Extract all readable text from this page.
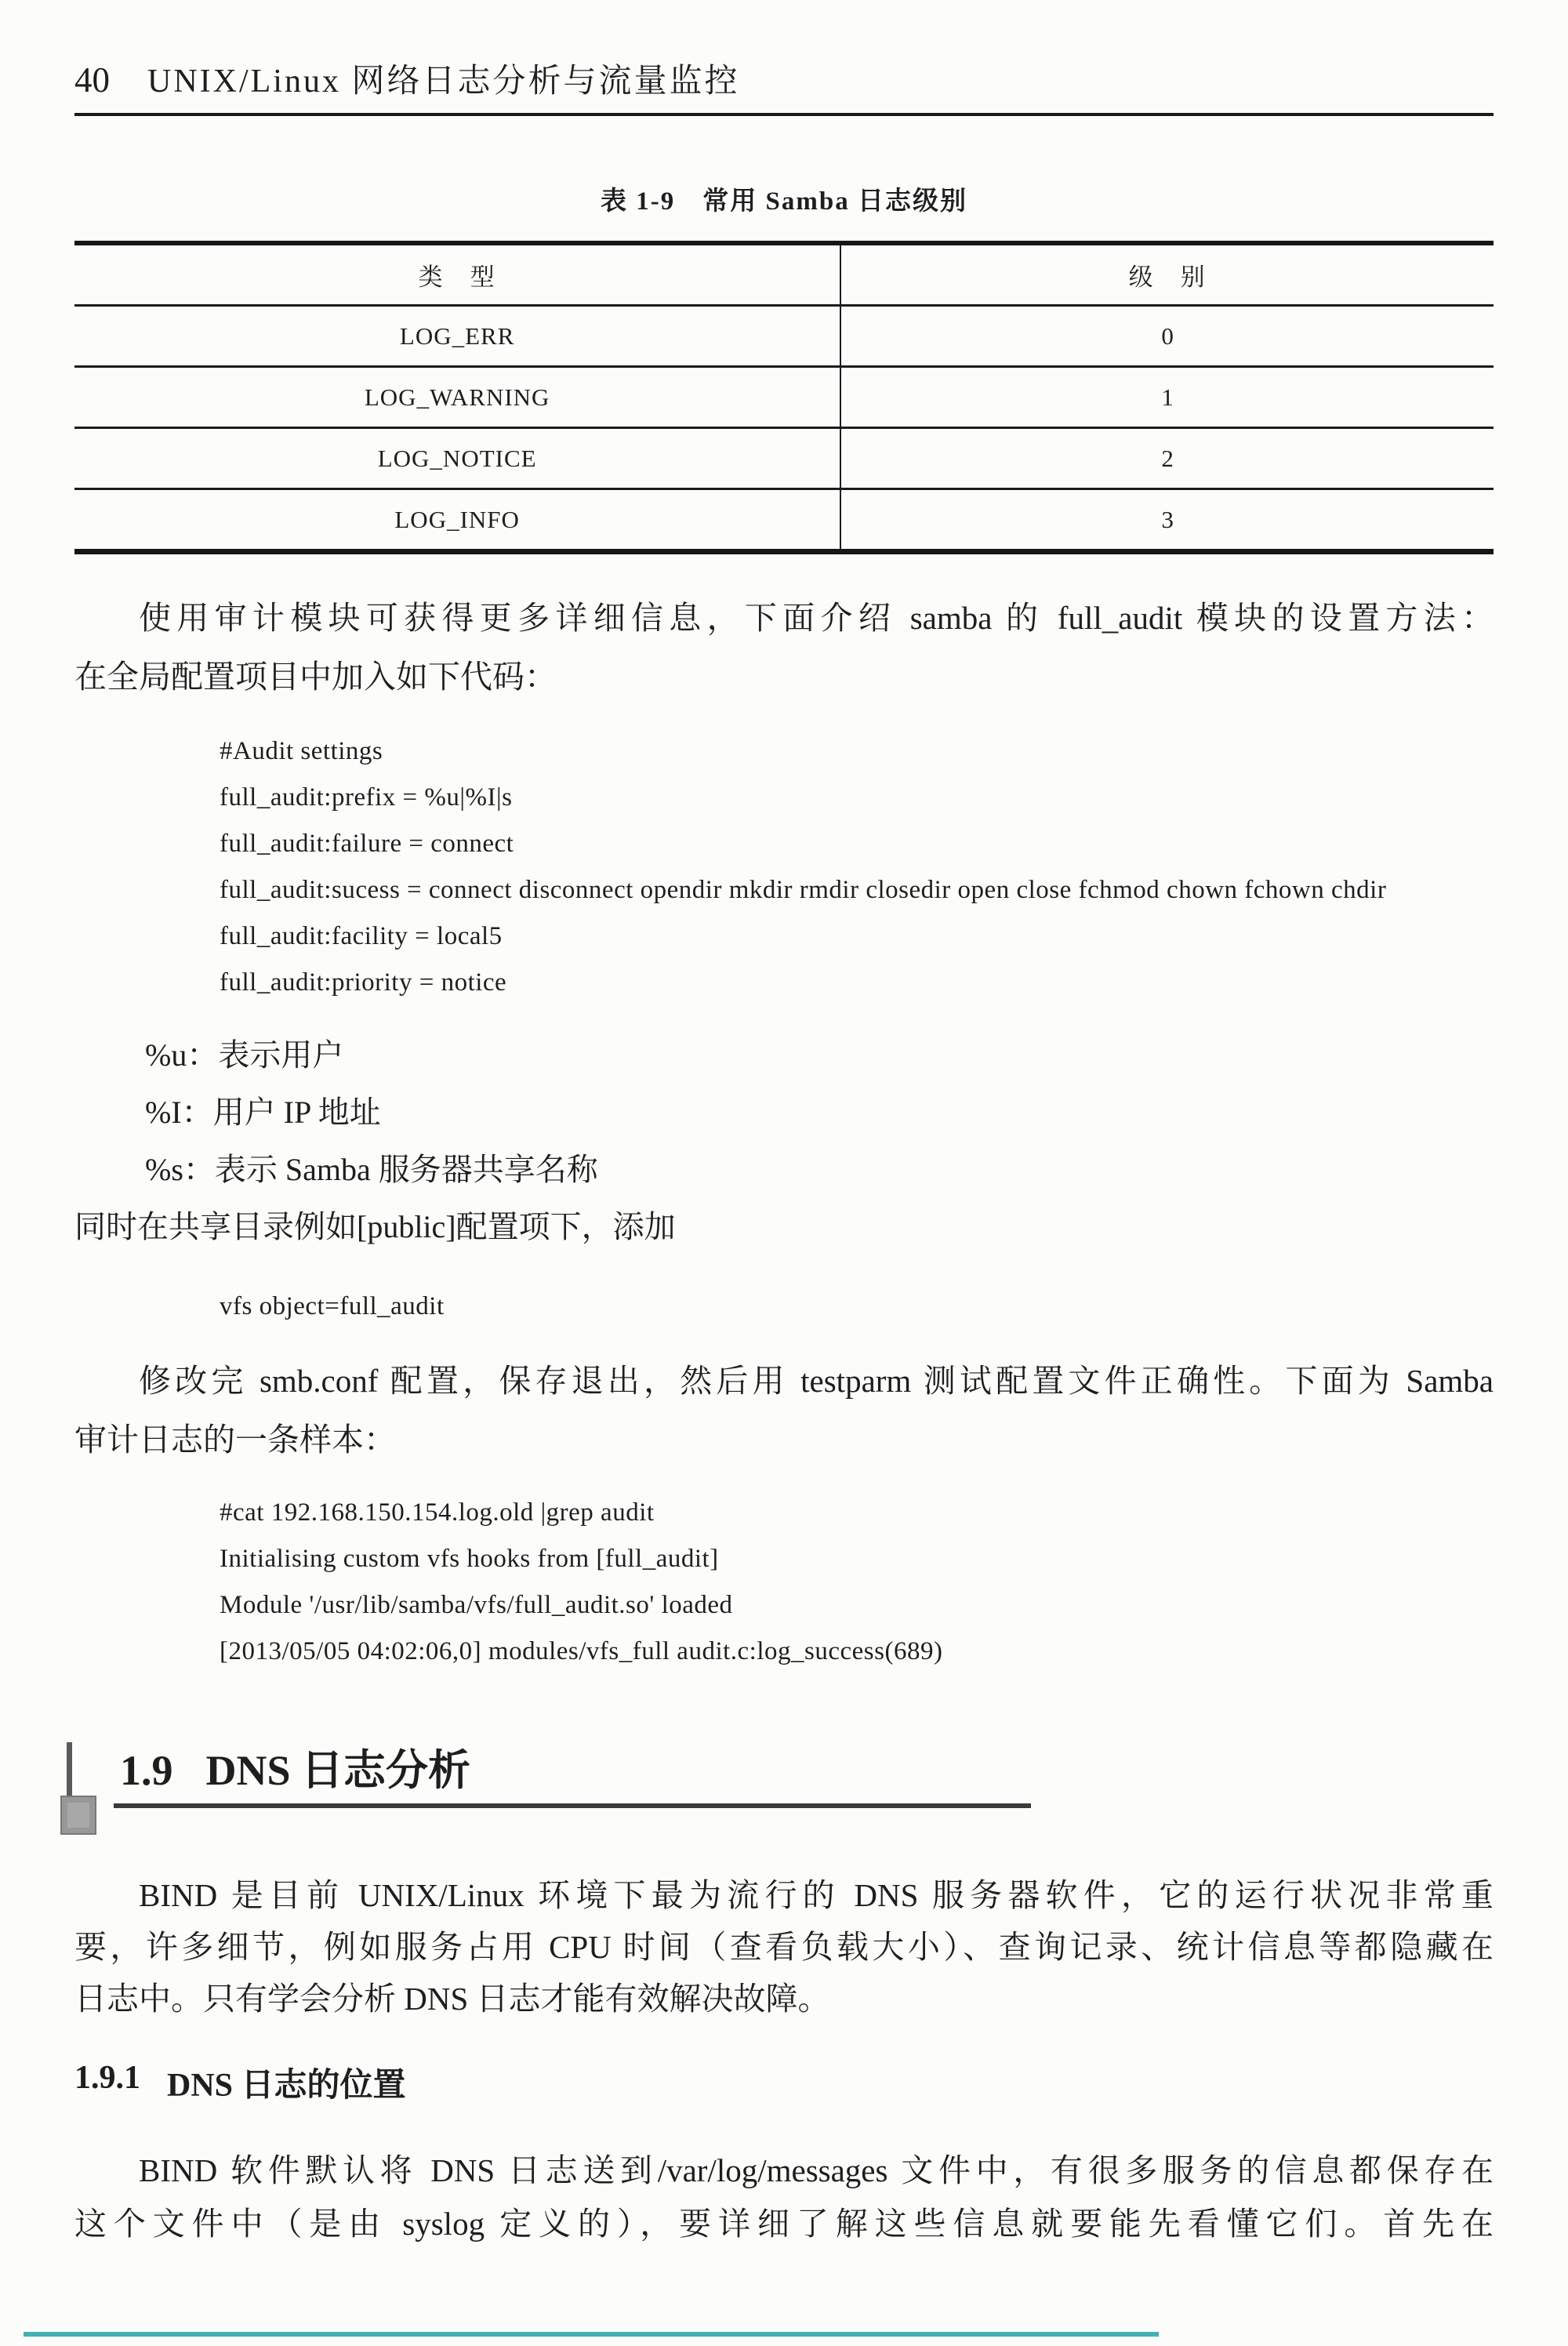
40 UNIX/Linux 网络日志分析与流量监控
表 1-9　常用 Samba 日志级别
类　型	级　别
LOG_ERR	0
LOG_WARNING	1
LOG_NOTICE	2
LOG_INFO	3
使用审计模块可获得更多详细信息，下面介绍 samba 的 full_audit 模块的设置方法：
在全局配置项目中加入如下代码：
#Audit settings
full_audit:prefix = %u|%I|s
full_audit:failure = connect
full_audit:sucess = connect disconnect opendir mkdir rmdir closedir open close fchmod chown fchown chdir
full_audit:facility = local5
full_audit:priority = notice
%u：表示用户
%I：用户 IP 地址
%s：表示 Samba 服务器共享名称
同时在共享目录例如[public]配置项下，添加
vfs object=full_audit
修改完 smb.conf 配置，保存退出，然后用 testparm 测试配置文件正确性。下面为 Samba
审计日志的一条样本：
#cat 192.168.150.154.log.old |grep audit
Initialising custom vfs hooks from [full_audit]
Module '/usr/lib/samba/vfs/full_audit.so' loaded
[2013/05/05 04:02:06,0] modules/vfs_full audit.c:log_success(689)
1.9 DNS 日志分析
BIND 是目前 UNIX/Linux 环境下最为流行的 DNS 服务器软件，它的运行状况非常重
要，许多细节，例如服务占用 CPU 时间（查看负载大小）、查询记录、统计信息等都隐藏在
日志中。只有学会分析 DNS 日志才能有效解决故障。
1.9.1 DNS 日志的位置
BIND 软件默认将 DNS 日志送到/var/log/messages 文件中，有很多服务的信息都保存在
这个文件中（是由 syslog 定义的），要详细了解这些信息就要能先看懂它们。首先在
